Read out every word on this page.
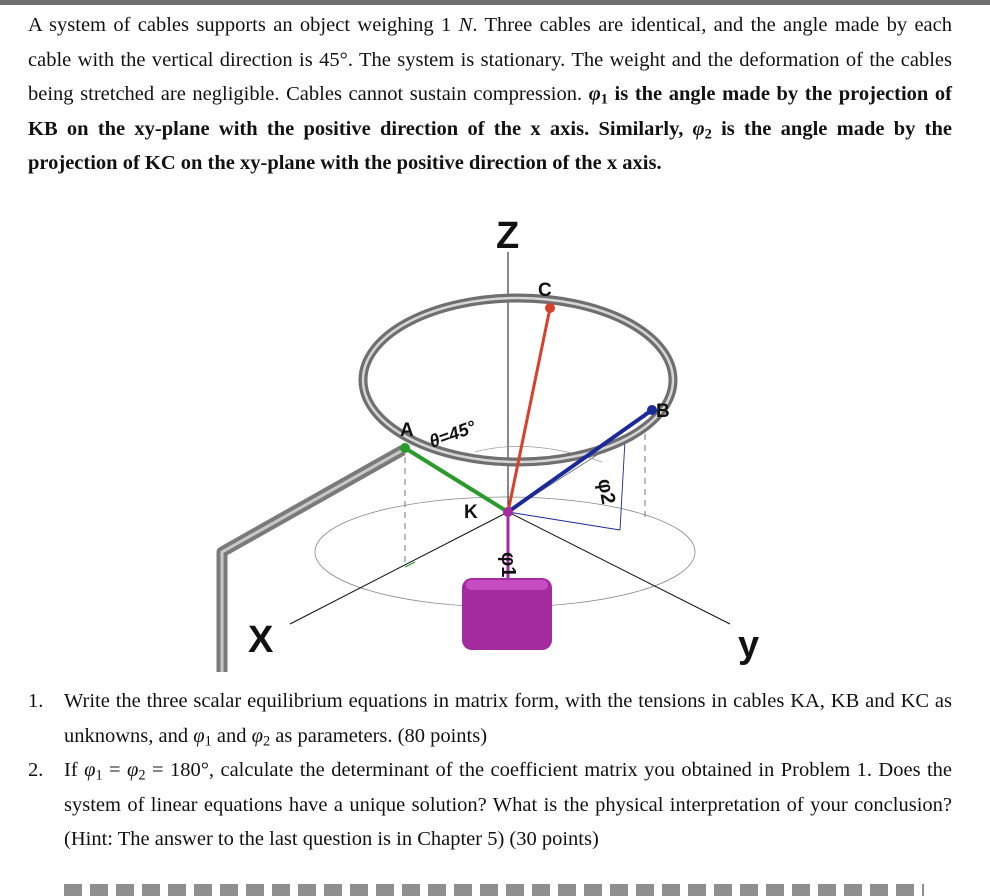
A system of cables supports an object weighing 1 N. Three cables are identical, and the angle made by each cable with the vertical direction is 45°. The system is stationary. The weight and the deformation of the cables being stretched are negligible. Cables cannot sustain compression. $\varphi_1$ is the angle made by the projection of KB on the xy-plane with the positive direction of the x axis. Similarly, $\varphi_2$ is the angle made by the projection of KC on the xy-plane with the positive direction of the x axis.
Z
X	y
A
B
C
K
θ=45°
φ1
φ2
1. Write the three scalar equilibrium equations in matrix form, with the tensions in cables KA, KB and KC as unknowns, and $\varphi_1$ and $\varphi_2$ as parameters. (80 points)
2. If $\varphi_1 = \varphi_2 = 180^\circ$, calculate the determinant of the coefficient matrix you obtained in Problem 1. Does the system of linear equations have a unique solution? What is the physical interpretation of your conclusion? (Hint: The answer to the last question is in Chapter 5) (30 points)
